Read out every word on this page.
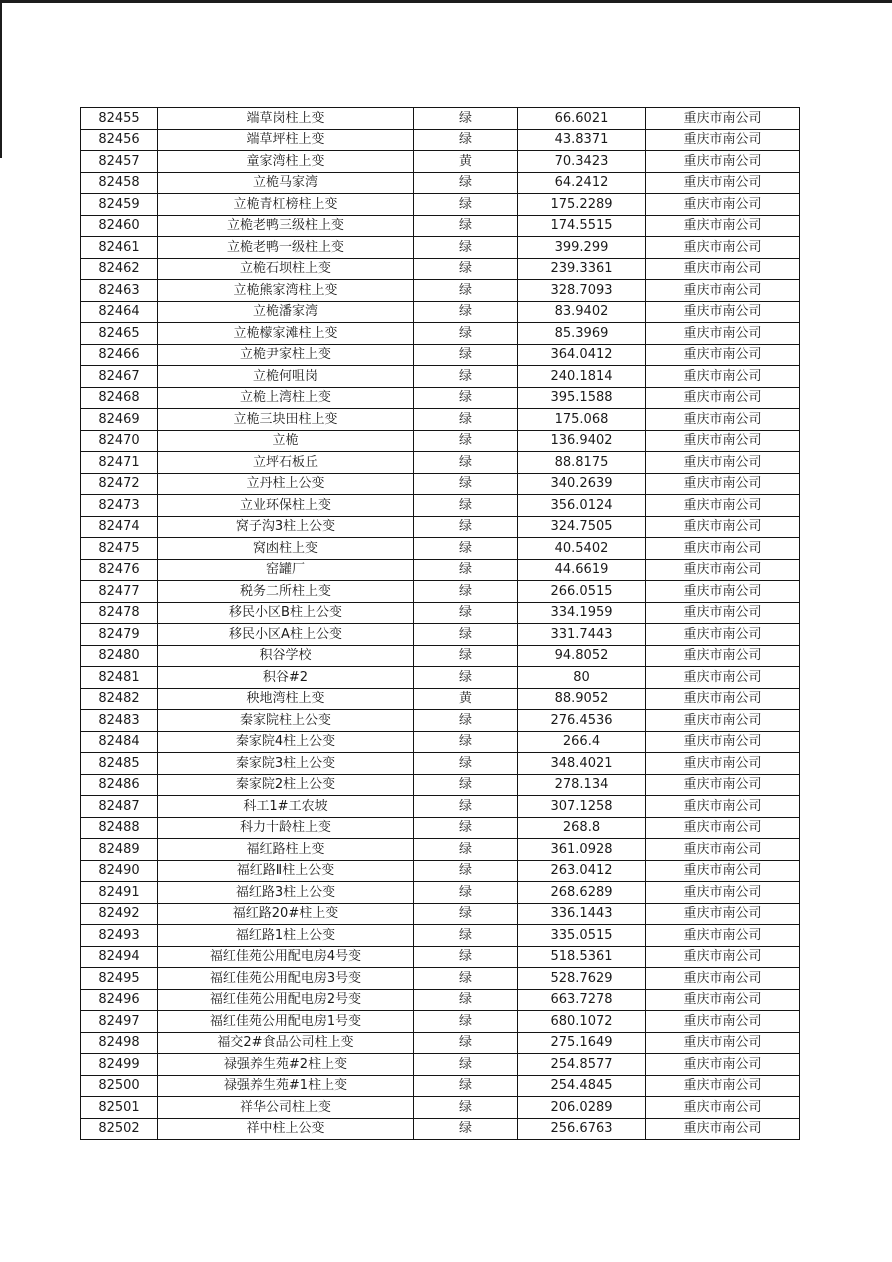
82455	端草岗柱上变	绿	66.6021	重庆市南公司
82456	端草坪柱上变	绿	43.8371	重庆市南公司
82457	童家湾柱上变	黄	70.3423	重庆市南公司
82458	立桅马家湾	绿	64.2412	重庆市南公司
82459	立桅青杠榜柱上变	绿	175.2289	重庆市南公司
82460	立桅老鸭三级柱上变	绿	174.5515	重庆市南公司
82461	立桅老鸭一级柱上变	绿	399.299	重庆市南公司
82462	立桅石坝柱上变	绿	239.3361	重庆市南公司
82463	立桅熊家湾柱上变	绿	328.7093	重庆市南公司
82464	立桅潘家湾	绿	83.9402	重庆市南公司
82465	立桅檬家滩柱上变	绿	85.3969	重庆市南公司
82466	立桅尹家柱上变	绿	364.0412	重庆市南公司
82467	立桅何咀岗	绿	240.1814	重庆市南公司
82468	立桅上湾柱上变	绿	395.1588	重庆市南公司
82469	立桅三块田柱上变	绿	175.068	重庆市南公司
82470	立桅	绿	136.9402	重庆市南公司
82471	立坪石板丘	绿	88.8175	重庆市南公司
82472	立丹柱上公变	绿	340.2639	重庆市南公司
82473	立业环保柱上变	绿	356.0124	重庆市南公司
82474	窝子沟3柱上公变	绿	324.7505	重庆市南公司
82475	窝凼柱上变	绿	40.5402	重庆市南公司
82476	窑罐厂	绿	44.6619	重庆市南公司
82477	税务二所柱上变	绿	266.0515	重庆市南公司
82478	移民小区B柱上公变	绿	334.1959	重庆市南公司
82479	移民小区A柱上公变	绿	331.7443	重庆市南公司
82480	积谷学校	绿	94.8052	重庆市南公司
82481	积谷#2	绿	80	重庆市南公司
82482	秧地湾柱上变	黄	88.9052	重庆市南公司
82483	秦家院柱上公变	绿	276.4536	重庆市南公司
82484	秦家院4柱上公变	绿	266.4	重庆市南公司
82485	秦家院3柱上公变	绿	348.4021	重庆市南公司
82486	秦家院2柱上公变	绿	278.134	重庆市南公司
82487	科工1#工农坡	绿	307.1258	重庆市南公司
82488	科力十龄柱上变	绿	268.8	重庆市南公司
82489	福红路柱上变	绿	361.0928	重庆市南公司
82490	福红路Ⅱ柱上公变	绿	263.0412	重庆市南公司
82491	福红路3柱上公变	绿	268.6289	重庆市南公司
82492	福红路20#柱上变	绿	336.1443	重庆市南公司
82493	福红路1柱上公变	绿	335.0515	重庆市南公司
82494	福红佳苑公用配电房4号变	绿	518.5361	重庆市南公司
82495	福红佳苑公用配电房3号变	绿	528.7629	重庆市南公司
82496	福红佳苑公用配电房2号变	绿	663.7278	重庆市南公司
82497	福红佳苑公用配电房1号变	绿	680.1072	重庆市南公司
82498	福交2#食品公司柱上变	绿	275.1649	重庆市南公司
82499	禄强养生苑#2柱上变	绿	254.8577	重庆市南公司
82500	禄强养生苑#1柱上变	绿	254.4845	重庆市南公司
82501	祥华公司柱上变	绿	206.0289	重庆市南公司
82502	祥中柱上公变	绿	256.6763	重庆市南公司
